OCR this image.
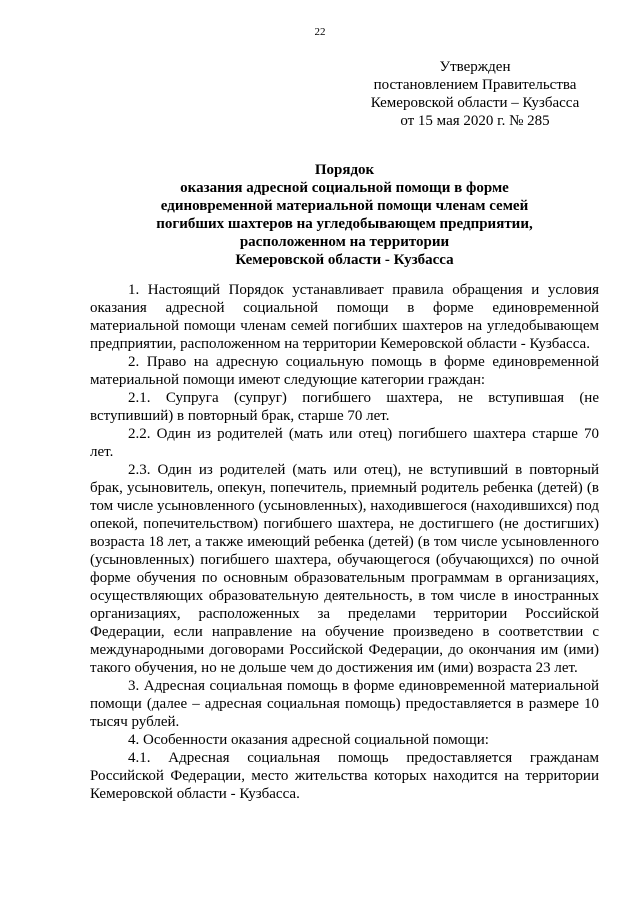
22
Утвержден
постановлением Правительства
Кемеровской области – Кузбасса
от 15 мая 2020 г. № 285
Порядок
оказания адресной социальной помощи в форме
единовременной материальной помощи членам семей
погибших шахтеров на угледобывающем предприятии,
расположенном на территории
Кемеровской области - Кузбасса

1. Настоящий Порядок устанавливает правила обращения и условия оказания адресной социальной помощи в форме единовременной материальной помощи членам семей погибших шахтеров на угледобывающем предприятии, расположенном на территории Кемеровской области - Кузбасса.

2. Право на адресную социальную помощь в форме единовременной материальной помощи имеют следующие категории граждан:

2.1. Супруга (супруг) погибшего шахтера, не вступившая (не вступивший) в повторный брак, старше 70 лет.

2.2. Один из родителей (мать или отец) погибшего шахтера старше 70 лет.

2.3. Один из родителей (мать или отец), не вступивший в повторный брак, усыновитель, опекун, попечитель, приемный родитель ребенка (детей) (в том числе усыновленного (усыновленных), находившегося (находившихся) под опекой, попечительством) погибшего шахтера, не достигшего (не достигших) возраста 18 лет, а также имеющий ребенка (детей) (в том числе усыновленного (усыновленных) погибшего шахтера, обучающегося (обучающихся) по очной форме обучения по основным образовательным программам в организациях, осуществляющих образовательную деятельность, в том числе в иностранных организациях, расположенных за пределами территории Российской Федерации, если направление на обучение произведено в соответствии с международными договорами Российской Федерации, до окончания им (ими) такого обучения, но не дольше чем до достижения им (ими) возраста 23 лет.

3. Адресная социальная помощь в форме единовременной материальной помощи (далее – адресная социальная помощь) предоставляется в размере 10 тысяч рублей.

4. Особенности оказания адресной социальной помощи:

4.1. Адресная социальная помощь предоставляется гражданам Российской Федерации, место жительства которых находится на территории Кемеровской области - Кузбасса.
